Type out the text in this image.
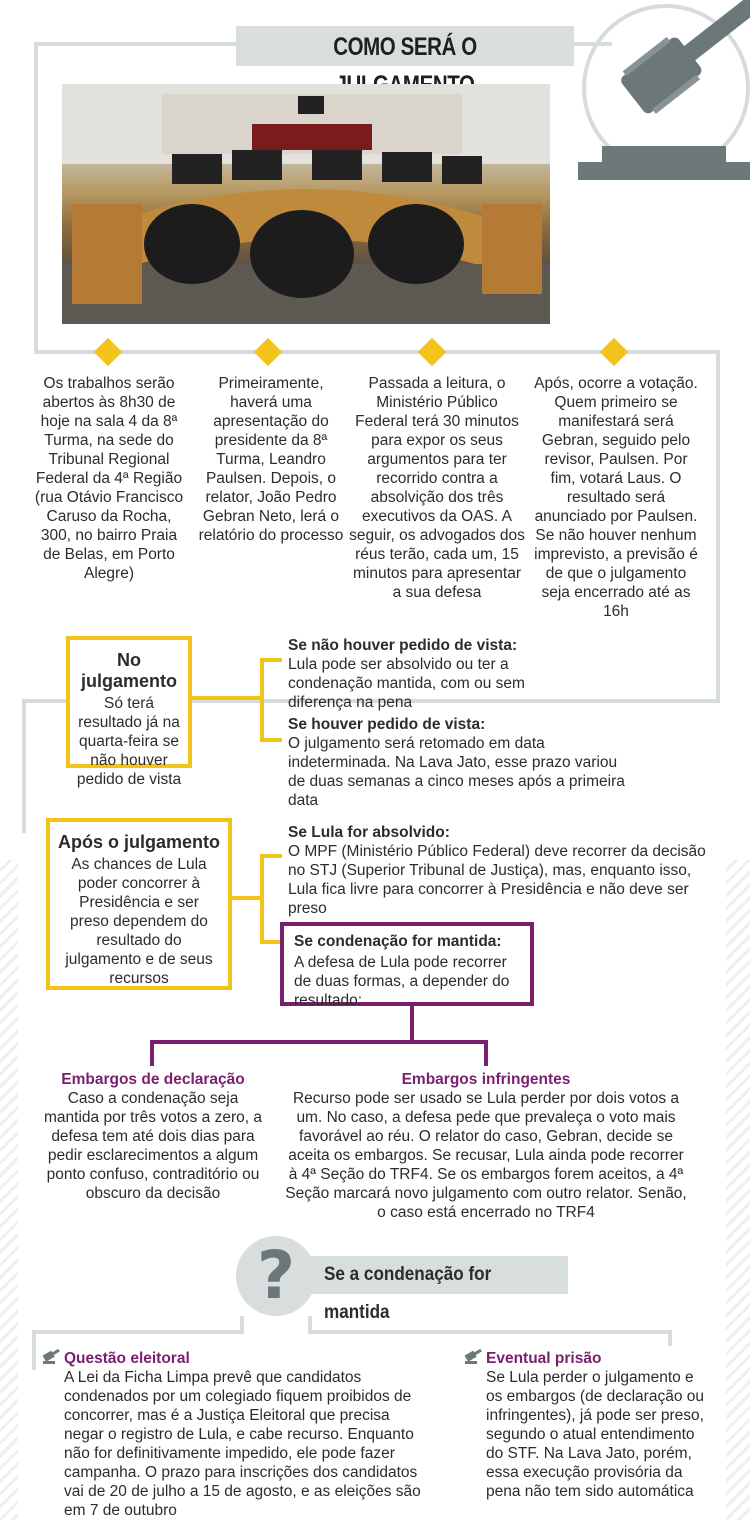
COMO SERÁ O
Os trabalhos serão abertos às 8h30 de hoje na sala 4 da 8ª Turma, na sede do Tribunal Regional Federal da 4ª Região (rua Otávio Francisco Caruso da Rocha, 300, no bairro Praia de Belas, em Porto Alegre)
Primeiramente, haverá uma apresentação do presidente da 8ª Turma, Leandro Paulsen. Depois, o relator, João Pedro Gebran Neto, lerá o relatório do processo
Passada a leitura, o Ministério Público Federal terá 30 minutos para expor os seus argumentos para ter recorrido contra a absolvição dos três executivos da OAS. A seguir, os advogados dos réus terão, cada um, 15 minutos para apresentar a sua defesa
Após, ocorre a votação. Quem primeiro se manifestará será Gebran, seguido pelo revisor, Paulsen. Por fim, votará Laus. O resultado será anunciado por Paulsen. Se não houver nenhum imprevisto, a previsão é de que o julgamento seja encerrado até as 16h
No julgamento
Só terá resultado já na quarta-feira se não houver pedido de vista
Se não houver pedido de vista:
Lula pode ser absolvido ou ter a condenação mantida, com ou sem diferença na pena
Se houver pedido de vista:
O julgamento será retomado em data indeterminada. Na Lava Jato, esse prazo variou de duas semanas a cinco meses após a primeira data
Após o julgamento
As chances de Lula poder concorrer à Presidência e ser preso dependem do resultado do julgamento e de seus recursos
Se Lula for absolvido:
O MPF (Ministério Público Federal) deve recorrer da decisão no STJ (Superior Tribunal de Justiça), mas, enquanto isso, Lula fica livre para concorrer à Presidência e não deve ser preso
Se condenação for mantida:
A defesa de Lula pode recorrer de duas formas, a depender do resultado:
Embargos de declaração
Caso a condenação seja mantida por três votos a zero, a defesa tem até dois dias para pedir esclarecimentos a algum ponto confuso, contraditório ou obscuro da decisão
Embargos infringentes
Recurso pode ser usado se Lula perder por dois votos a um. No caso, a defesa pede que prevaleça o voto mais favorável ao réu. O relator do caso, Gebran, decide se aceita os embargos. Se recusar, Lula ainda pode recorrer à 4ª Seção do TRF4. Se os embargos forem aceitos, a 4ª Seção marcará novo julgamento com outro relator. Senão, o caso está encerrado no TRF4
Se a condenação for mantida
?
Questão eleitoral
A Lei da Ficha Limpa prevê que candidatos condenados por um colegiado fiquem proibidos de concorrer, mas é a Justiça Eleitoral que precisa negar o registro de Lula, e cabe recurso. Enquanto não for definitivamente impedido, ele pode fazer campanha. O prazo para inscrições dos candidatos vai de 20 de julho a 15 de agosto, e as eleições são em 7 de outubro
Eventual prisão
Se Lula perder o julgamento e os embargos (de declaração ou infringentes), já pode ser preso, segundo o atual entendimento do STF. Na Lava Jato, porém, essa execução provisória da pena não tem sido automática
